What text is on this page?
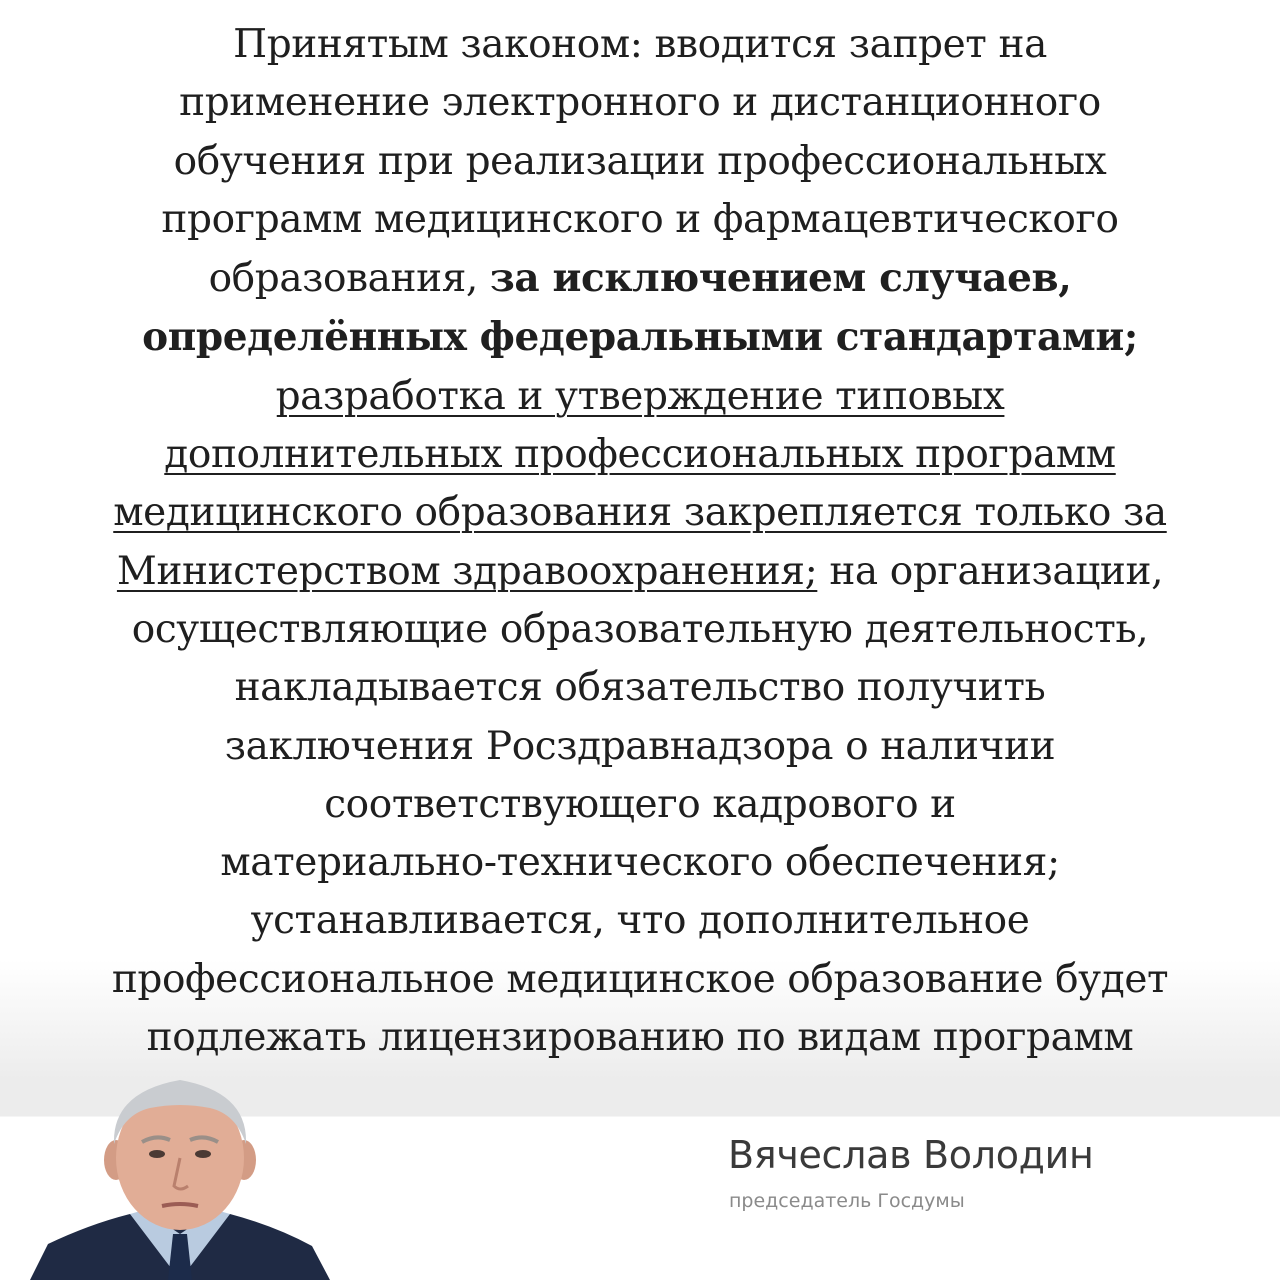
Принятым законом: вводится запрет на
применение электронного и дистанционного
обучения при реализации профессиональных
программ медицинского и фармацевтического
образования, за исключением случаев,
определённых федеральными стандартами;
разработка и утверждение типовых
дополнительных профессиональных программ
медицинского образования закрепляется только за
Министерством здравоохранения; на организации,
осуществляющие образовательную деятельность,
накладывается обязательство получить
заключения Росздравнадзора о наличии
соответствующего кадрового и
материально-технического обеспечения;
устанавливается, что дополнительное
профессиональное медицинское образование будет
подлежать лицензированию по видам программ
Вячеслав Володин
председатель Госдумы
